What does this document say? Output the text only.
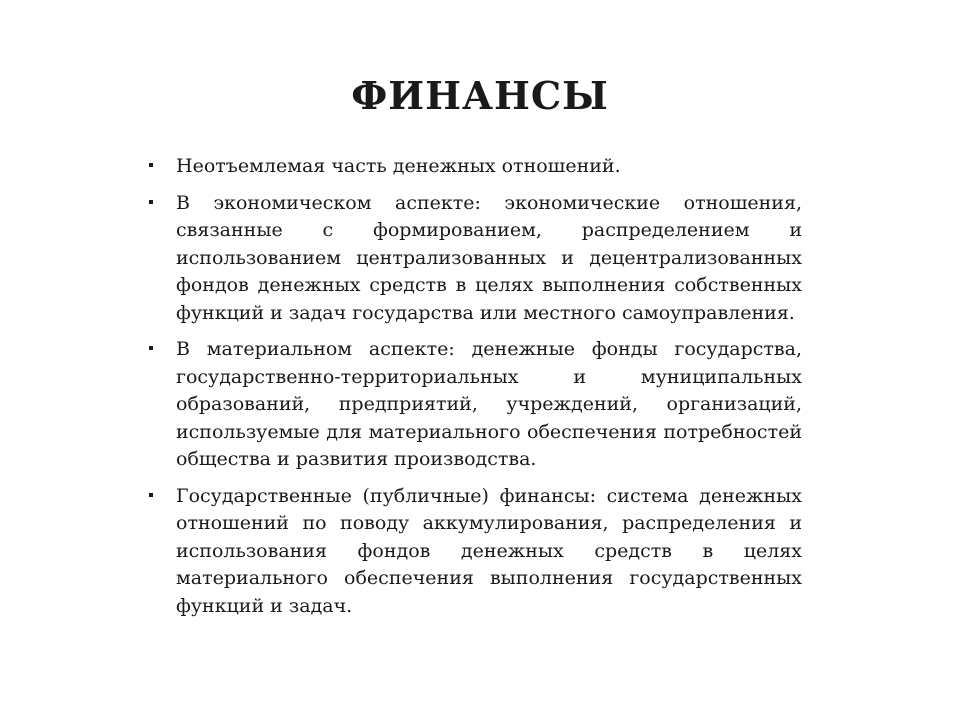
ФИНАНСЫ
Неотъемлемая часть денежных отношений.
В экономическом аспекте: экономические отношения, связанные с формированием, распределением и использованием централизованных и децентрализованных фондов денежных средств в целях выполнения собственных функций и задач государства или местного самоуправления.
В материальном аспекте: денежные фонды государства, государственно-территориальных и муниципальных образований, предприятий, учреждений, организаций, используемые для материального обеспечения потребностей общества и развития производства.
Государственные (публичные) финансы: система денежных отношений по поводу аккумулирования, распределения и использования фондов денежных средств в целях материального обеспечения выполнения государственных функций и задач.
